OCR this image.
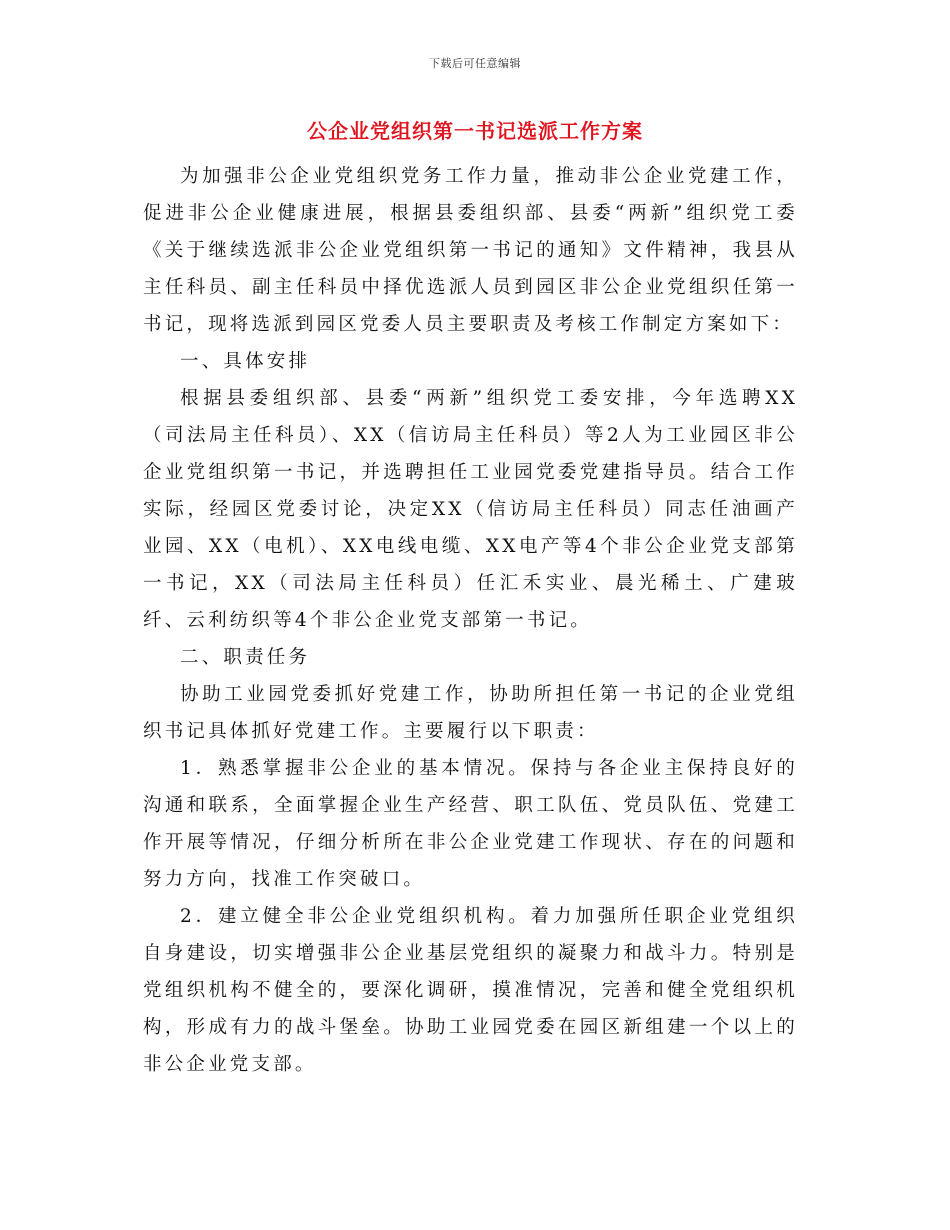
下载后可任意编辑
公企业党组织第一书记选派工作方案

为加强非公企业党组织党务工作力量，推动非公企业党建工作，促进非公企业健康进展，根据县委组织部、县委“两新”组织党工委《关于继续选派非公企业党组织第一书记的通知》文件精神，我县从主任科员、副主任科员中择优选派人员到园区非公企业党组织任第一书记，现将选派到园区党委人员主要职责及考核工作制定方案如下：

一、具体安排

根据县委组织部、县委“两新”组织党工委安排，今年选聘XX（司法局主任科员）、XX（信访局主任科员）等2人为工业园区非公企业党组织第一书记，并选聘担任工业园党委党建指导员。结合工作实际，经园区党委讨论，决定XX（信访局主任科员）同志任油画产业园、XX（电机）、XX电线电缆、XX电产等4个非公企业党支部第一书记，XX（司法局主任科员）任汇禾实业、晨光稀土、广建玻纤、云利纺织等4个非公企业党支部第一书记。

二、职责任务

协助工业园党委抓好党建工作，协助所担任第一书记的企业党组织书记具体抓好党建工作。主要履行以下职责：

1．熟悉掌握非公企业的基本情况。保持与各企业主保持良好的沟通和联系，全面掌握企业生产经营、职工队伍、党员队伍、党建工作开展等情况，仔细分析所在非公企业党建工作现状、存在的问题和努力方向，找准工作突破口。

2．建立健全非公企业党组织机构。着力加强所任职企业党组织自身建设，切实增强非公企业基层党组织的凝聚力和战斗力。特别是党组织机构不健全的，要深化调研，摸准情况，完善和健全党组织机构，形成有力的战斗堡垒。协助工业园党委在园区新组建一个以上的非公企业党支部。
